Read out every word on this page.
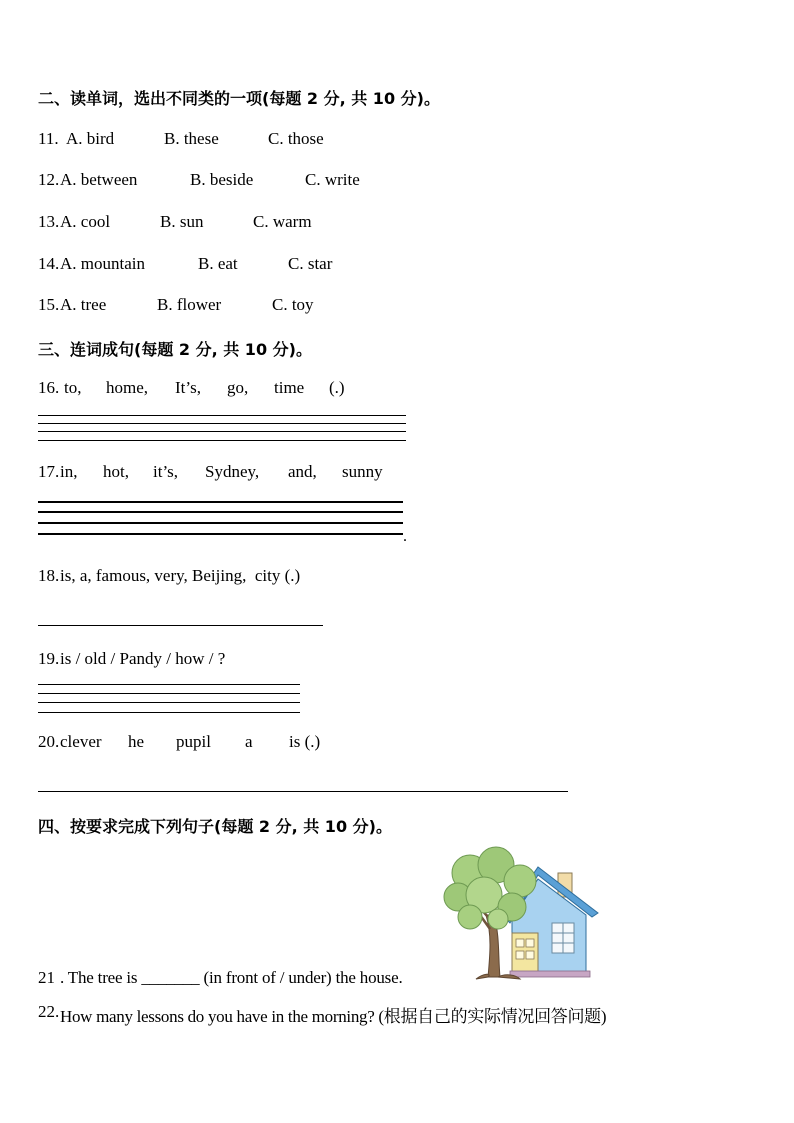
二、读单词，选出不同类的一项(每题 2 分, 共 10 分)。
11. A. bird	B. these	C. those
12. A. between	B. beside	C. write
13. A. cool	B. sun	C. warm
14. A. mountain	B. eat	C. star
15. A. tree	B. flower	C. toy
三、连词成句(每题 2 分, 共 10 分)。
16. to, home, It’s, go, time (.)
17. in, hot, it’s, Sydney, and, sunny
.
18. is, a, famous, very, Beijing,  city (.)
19. is / old / Pandy / how / ?
20. clever he pupil a is (.)
四、按要求完成下列句子(每题 2 分, 共 10 分)。
21 . The tree is _______ (in front of / under) the house.
22. How many lessons do you have in the morning? (根据自己的实际情况回答问题)
